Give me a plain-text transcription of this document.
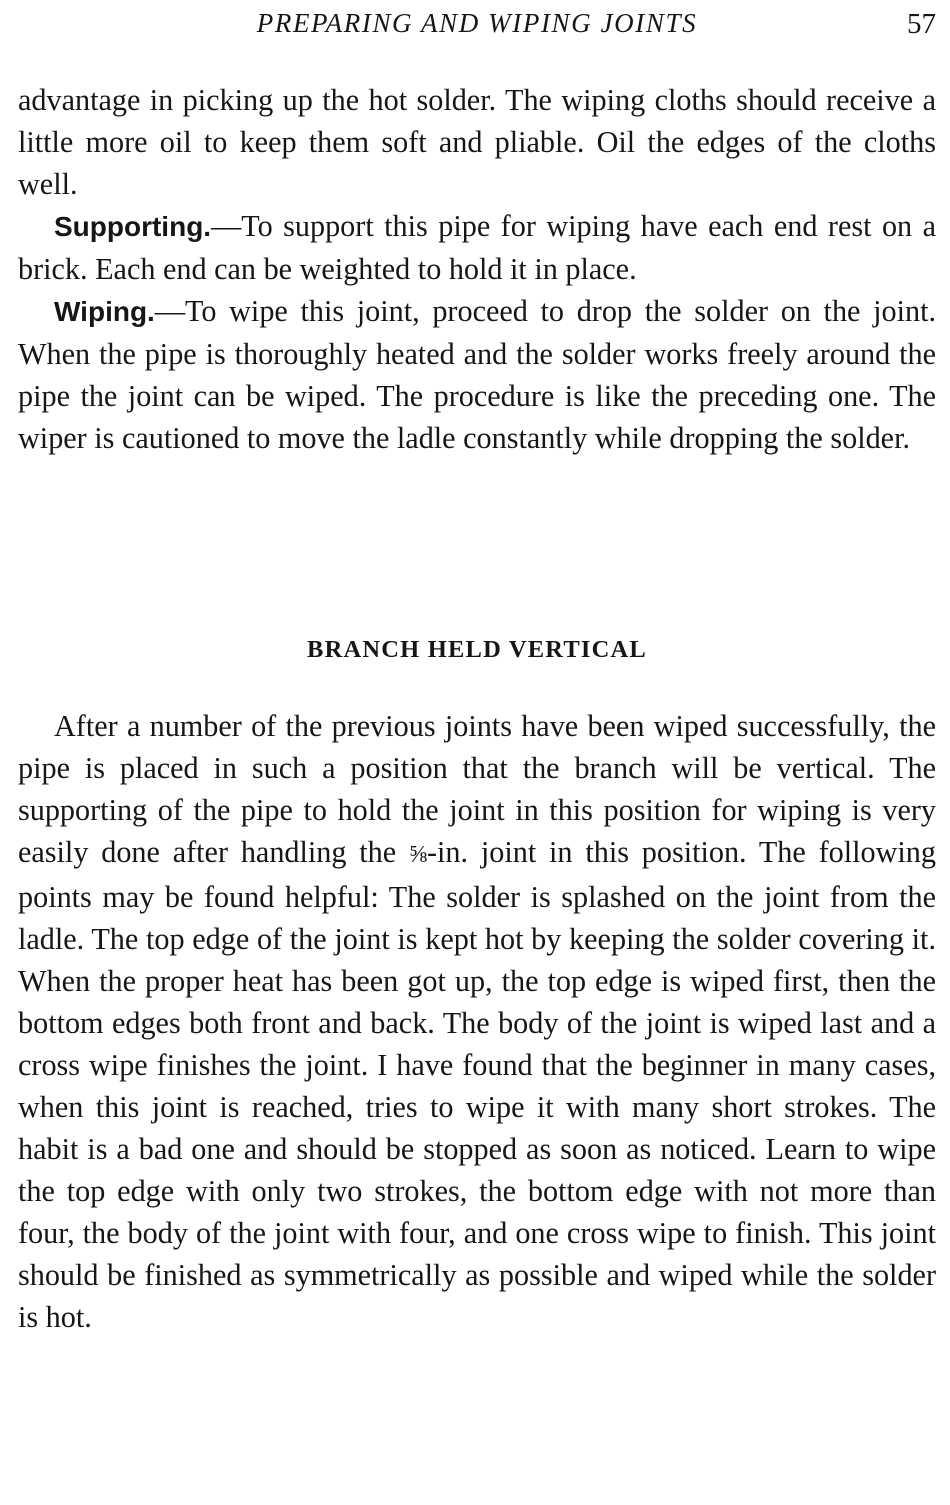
PREPARING AND WIPING JOINTS	57

advantage in picking up the hot solder. The wiping cloths should receive a little more oil to keep them soft and pliable. Oil the edges of the cloths well.

Supporting.—To support this pipe for wiping have each end rest on a brick. Each end can be weighted to hold it in place.

Wiping.—To wipe this joint, proceed to drop the solder on the joint. When the pipe is thoroughly heated and the solder works freely around the pipe the joint can be wiped. The procedure is like the preceding one. The wiper is cautioned to move the ladle constantly while dropping the solder.

BRANCH HELD VERTICAL

After a number of the previous joints have been wiped successfully, the pipe is placed in such a position that the branch will be vertical. The supporting of the pipe to hold the joint in this position for wiping is very easily done after handling the ⅝-in. joint in this position. The following points may be found helpful: The solder is splashed on the joint from the ladle. The top edge of the joint is kept hot by keeping the solder covering it. When the proper heat has been got up, the top edge is wiped first, then the bottom edges both front and back. The body of the joint is wiped last and a cross wipe finishes the joint. I have found that the beginner in many cases, when this joint is reached, tries to wipe it with many short strokes. The habit is a bad one and should be stopped as soon as noticed. Learn to wipe the top edge with only two strokes, the bottom edge with not more than four, the body of the joint with four, and one cross wipe to finish. This joint should be finished as symmetrically as possible and wiped while the solder is hot.
